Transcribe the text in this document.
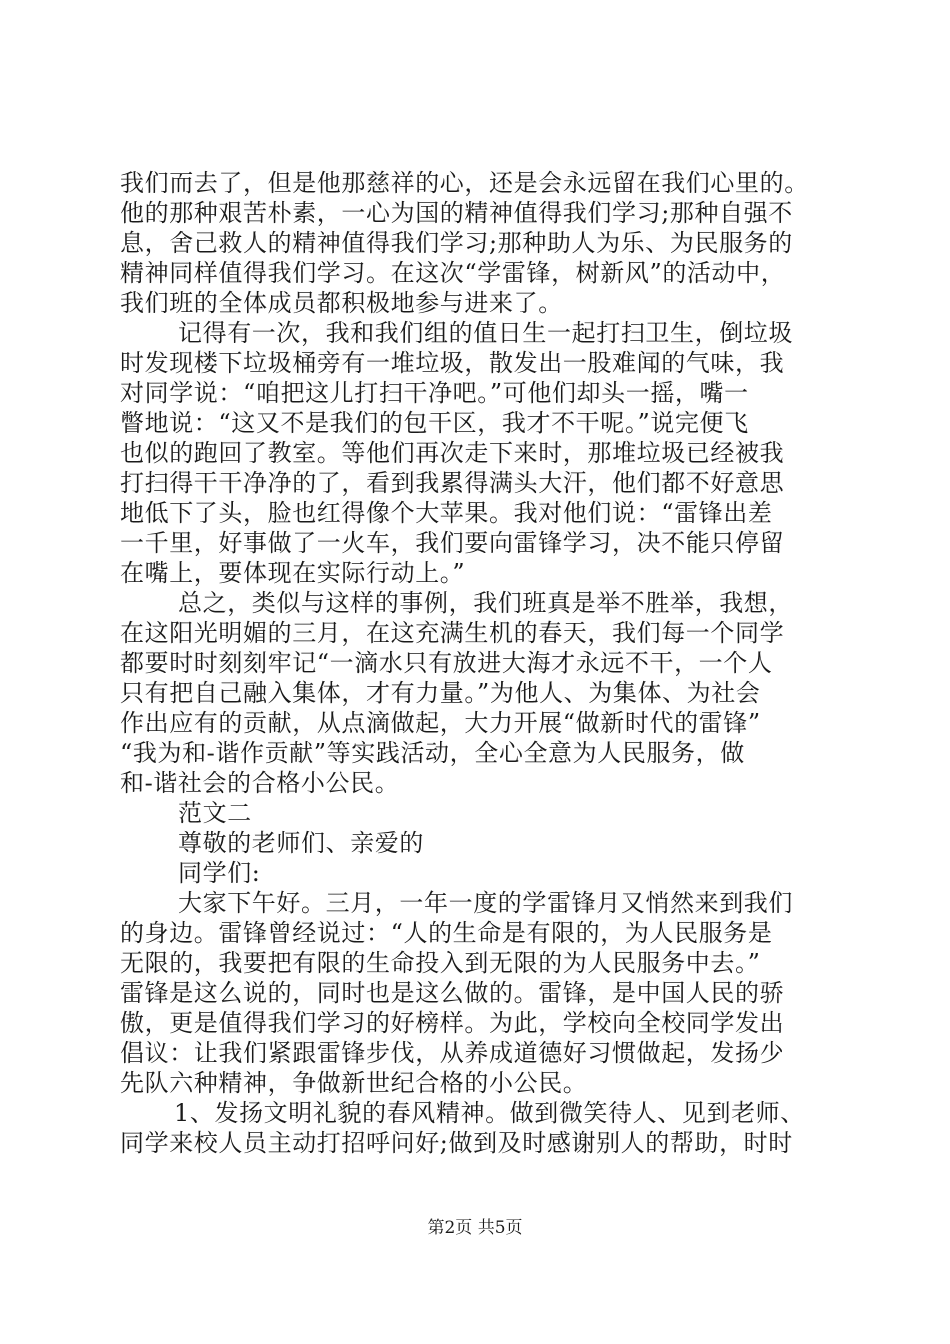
我们而去了，但是他那慈祥的心，还是会永远留在我们心里的。
他的那种艰苦朴素，一心为国的精神值得我们学习;那种自强不
息，舍己救人的精神值得我们学习;那种助人为乐、为民服务的
精神同样值得我们学习。在这次“学雷锋，树新风”的活动中，
我们班的全体成员都积极地参与进来了。
记得有一次，我和我们组的值日生一起打扫卫生，倒垃圾
时发现楼下垃圾桶旁有一堆垃圾，散发出一股难闻的气味，我
对同学说：“咱把这儿打扫干净吧。”可他们却头一摇，嘴一
瞥地说：“这又不是我们的包干区，我才不干呢。”说完便飞
也似的跑回了教室。等他们再次走下来时，那堆垃圾已经被我
打扫得干干净净的了，看到我累得满头大汗，他们都不好意思
地低下了头，脸也红得像个大苹果。我对他们说：“雷锋出差
一千里，好事做了一火车，我们要向雷锋学习，决不能只停留
在嘴上，要体现在实际行动上。”
总之，类似与这样的事例，我们班真是举不胜举，我想，
在这阳光明媚的三月，在这充满生机的春天，我们每一个同学
都要时时刻刻牢记“一滴水只有放进大海才永远不干，一个人
只有把自己融入集体，才有力量。”为他人、为集体、为社会
作出应有的贡献，从点滴做起，大力开展“做新时代的雷锋”
“我为和-谐作贡献”等实践活动，全心全意为人民服务，做
和-谐社会的合格小公民。
范文二
尊敬的老师们、亲爱的
同学们:
大家下午好。三月，一年一度的学雷锋月又悄然来到我们
的身边。雷锋曾经说过：“人的生命是有限的，为人民服务是
无限的，我要把有限的生命投入到无限的为人民服务中去。”
雷锋是这么说的，同时也是这么做的。雷锋，是中国人民的骄
傲，更是值得我们学习的好榜样。为此，学校向全校同学发出
倡议：让我们紧跟雷锋步伐，从养成道德好习惯做起，发扬少
先队六种精神，争做新世纪合格的小公民。
1、发扬文明礼貌的春风精神。做到微笑待人、见到老师、
同学来校人员主动打招呼问好;做到及时感谢别人的帮助，时时
第2页 共5页
